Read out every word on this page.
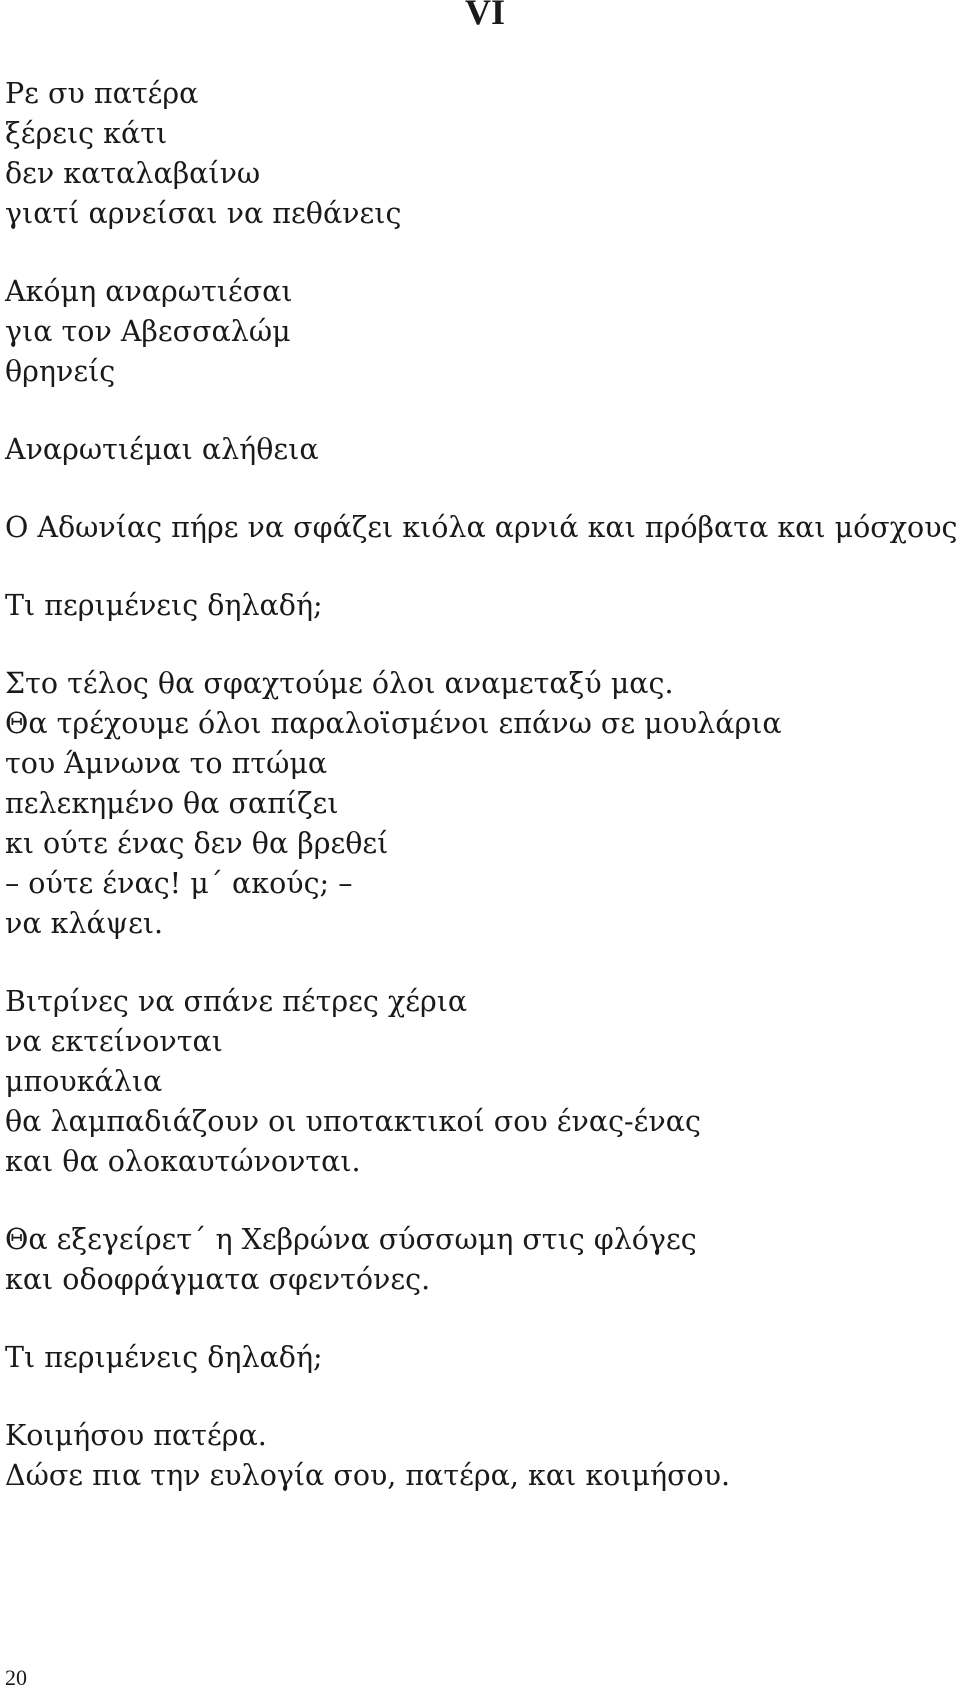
VI
Ρε συ πατέρα
ξέρεις κάτι
δεν καταλαβαίνω
γιατί αρνείσαι να πεθάνεις
Ακόμη αναρωτιέσαι
για τον Αβεσσαλώμ
θρηνείς
Αναρωτιέμαι αλήθεια
Ο Αδωνίας πήρε να σφάζει κιόλα αρνιά και πρόβατα και μόσχους
Τι περιμένεις δηλαδή;
Στο τέλος θα σφαχτούμε όλοι αναμεταξύ μας.
Θα τρέχουμε όλοι παραλοϊσμένοι επάνω σε μουλάρια
του Άμνωνα το πτώμα
πελεκημένο θα σαπίζει
κι ούτε ένας δεν θα βρεθεί
– ούτε ένας! μ΄ ακούς; –
να κλάψει.
Βιτρίνες να σπάνε πέτρες χέρια
να εκτείνονται
μπουκάλια
θα λαμπαδιάζουν οι υποτακτικοί σου ένας-ένας
και θα ολοκαυτώνονται.
Θα εξεγείρετ΄ η Χεβρώνα σύσσωμη στις φλόγες
και οδοφράγματα σφεντόνες.
Τι περιμένεις δηλαδή;
Κοιμήσου πατέρα.
Δώσε πια την ευλογία σου, πατέρα, και κοιμήσου.
20
